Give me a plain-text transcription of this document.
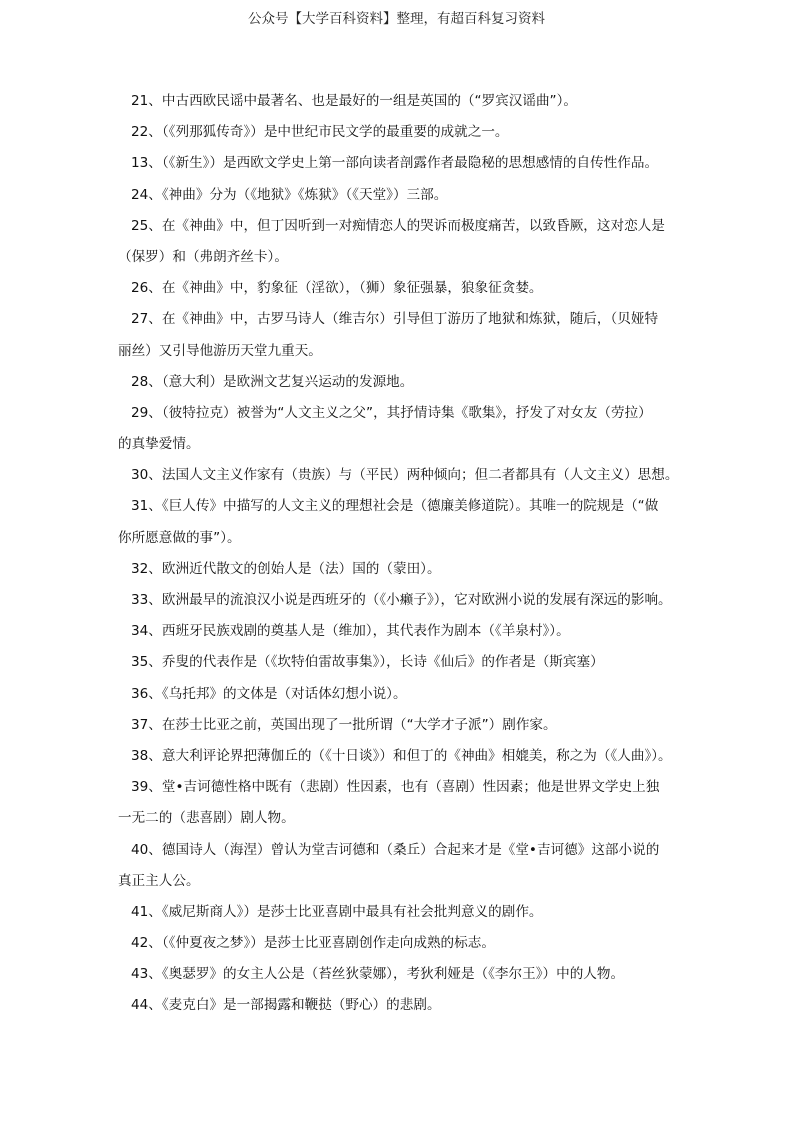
公众号【大学百科资料】整理，有超百科复习资料
21、中古西欧民谣中最著名、也是最好的一组是英国的（“罗宾汉谣曲”）。
22、（《列那狐传奇》）是中世纪市民文学的最重要的成就之一。
13、（《新生》）是西欧文学史上第一部向读者剖露作者最隐秘的思想感情的自传性作品。
24、《神曲》分为（《地狱》《炼狱》（《天堂》）三部。
25、在《神曲》中，但丁因听到一对痴情恋人的哭诉而极度痛苦，以致昏厥，这对恋人是
（保罗）和（弗朗齐丝卡）。
26、在《神曲》中，豹象征（淫欲），（狮）象征强暴，狼象征贪婪。
27、在《神曲》中，古罗马诗人（维吉尔）引导但丁游历了地狱和炼狱，随后，（贝娅特
丽丝）又引导他游历天堂九重天。
28、（意大利）是欧洲文艺复兴运动的发源地。
29、（彼特拉克）被誉为“人文主义之父”，其抒情诗集《歌集》，抒发了对女友（劳拉）
的真挚爱情。
30、法国人文主义作家有（贵族）与（平民）两种倾向；但二者都具有（人文主义）思想。
31、《巨人传》中描写的人文主义的理想社会是（德廉美修道院）。其唯一的院规是（“做
你所愿意做的事”）。
32、欧洲近代散文的创始人是（法）国的（蒙田）。
33、欧洲最早的流浪汉小说是西班牙的（《小癞子》），它对欧洲小说的发展有深远的影响。
34、西班牙民族戏剧的奠基人是（维加），其代表作为剧本（《羊泉村》）。
35、乔叟的代表作是（《坎特伯雷故事集》），长诗《仙后》的作者是（斯宾塞）
36、《乌托邦》的文体是（对话体幻想小说）。
37、在莎士比亚之前，英国出现了一批所谓（“大学才子派”）剧作家。
38、意大利评论界把薄伽丘的（《十日谈》）和但丁的《神曲》相媲美，称之为（《人曲》）。
39、堂•吉诃德性格中既有（悲剧）性因素，也有（喜剧）性因素；他是世界文学史上独
一无二的（悲喜剧）剧人物。
40、德国诗人（海涅）曾认为堂吉诃德和（桑丘）合起来才是《堂•吉诃德》这部小说的
真正主人公。
41、《威尼斯商人》）是莎士比亚喜剧中最具有社会批判意义的剧作。
42、（《仲夏夜之梦》）是莎士比亚喜剧创作走向成熟的标志。
43、《奥瑟罗》的女主人公是（苔丝狄蒙娜），考狄利娅是（《李尔王》）中的人物。
44、《麦克白》是一部揭露和鞭挞（野心）的悲剧。
